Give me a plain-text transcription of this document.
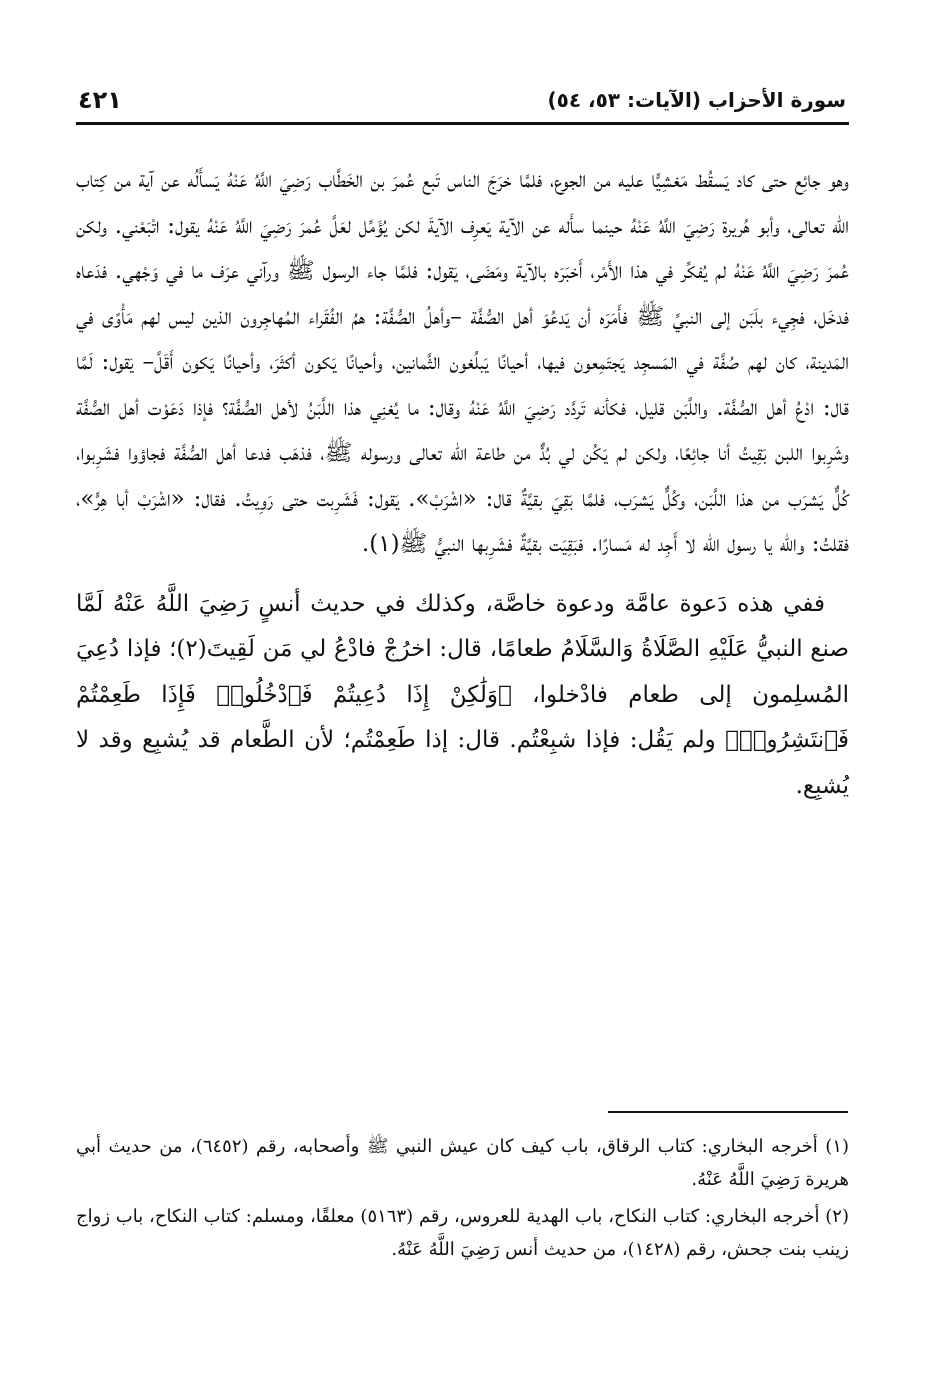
٤٢١	سورة الأحزاب (الآيات: ٥٣، ٥٤)

وهو جائِع حتى كاد يَسقُط مَغشِيًّا عليه من الجوع، فلمَّا خرَجَ الناس تَبع عُمرَ بن الخَطَّاب رَضِيَ اللَّهُ عَنْهُ يَسأَلُه عن آية من كِتاب الله تعالى، وأبو هُريرة رَضِيَ اللَّهُ عَنْهُ حينما سأَله عن الآية يَعرِف الآيةَ لكن يُؤَمِّل لعَلَّ عُمرَ رَضِيَ اللَّهُ عَنْهُ يقول: اتْبَعْني. ولكن عُمرَ رَضِيَ اللَّهُ عَنْهُ لم يُفكِّر في هذا الأَمْر، أَخبَرَه بالآية ومَضَى، يَقول: فلمَّا جاء الرسول ﷺ ورآني عرَف ما في وَجْهي. فدَعاه فدخَل، فجِيء بلَبَن إلى النبيِّ ﷺ فأَمَرَه أن يَدعُوَ أهل الصُّفَّة –وأهلُ الصُّفَّة: همُ الفُقَراء المُهاجِرون الذين ليس لهم مَأْوًى في المَدينة، كان لهم صُفَّة في المَسجِد يَجتَمِعون فيها، أحيانًا يَبلُغون الثَّمانين، وأحيانًا يَكون أكثَرَ، وأحيانًا يَكون أَقَلَّ– يَقول: لَمَّا قال: ادْعُ أهل الصُّفَّة. واللَّبَن قليل، فكأنه تَردَّد رَضِيَ اللَّهُ عَنْهُ وقال: ما يُغنِي هذا اللَّبَنُ لأهل الصُّفَّة؟ فإذا دَعَوْت أهل الصُّفَّة وشَرِبوا اللبن بَقِيتُ أنا جائِعًا، ولكن لم يَكُن لي بُدٌّ من طاعة الله تعالى ورسوله ﷺ، فذهَب فدعا أهل الصُّفَّة فجاؤوا فشَرِبوا، كُلٌّ يَشرَب من هذا اللَّبَن، وكُلٌّ يَشرَب، فلمَّا بَقِيَ بقيَّةٌ قال: «اشْرَبْ». يَقول: فَشَرِبت حتى رَوِيتُ. فقال: «اشْرَبْ أبا هِرٍّ»، فقلتُ: والله يا رسول الله لا أَجِد له مَسارًا. فبَقِيَت بقيَّةٌ فشَرِبها النبيُّ ﷺ(١).

ففي هذه دَعوة عامَّة ودعوة خاصَّة، وكذلك في حديث أنسٍ رَضِيَ اللَّهُ عَنْهُ لَمَّا صنع النبيُّ عَلَيْهِ الصَّلَاةُ وَالسَّلَامُ طعامًا، قال: اخرُجْ فادْعُ لي مَن لَقِيتَ(٢)؛ فإذا دُعِيَ المُسلِمون إلى طعام فادْخلوا، ﴿وَلَٰكِنْ إِذَا دُعِيتُمْ فَٱدْخُلُوا۟ فَإِذَا طَعِمْتُمْ فَٱنتَشِرُوا۟﴾ ولم يَقُل: فإذا شبِعْتُم. قال: إذا طَعِمْتُم؛ لأن الطَّعام قد يُشبِع وقد لا يُشبِع.

(١) أخرجه البخاري: كتاب الرقاق، باب كيف كان عيش النبي ﷺ وأصحابه، رقم (٦٤٥٢)، من حديث أبي هريرة رَضِيَ اللَّهُ عَنْهُ.

(٢) أخرجه البخاري: كتاب النكاح، باب الهدية للعروس، رقم (٥١٦٣) معلقًا، ومسلم: كتاب النكاح، باب زواج زينب بنت جحش، رقم (١٤٢٨)، من حديث أنس رَضِيَ اللَّهُ عَنْهُ.
